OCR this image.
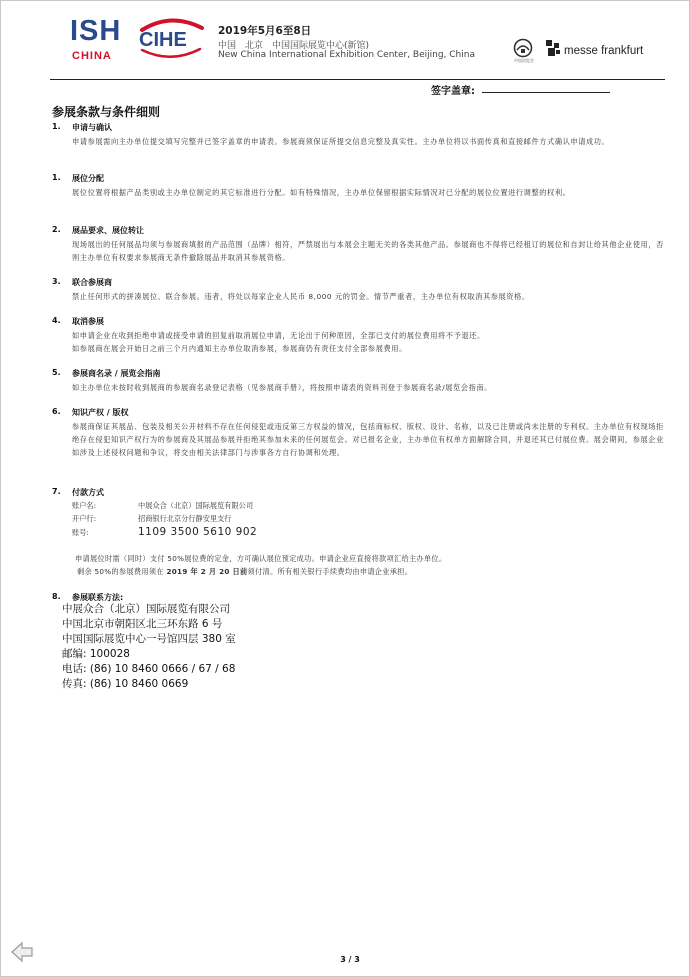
ISH
CHINA
CIHE	2019年5月6至8日
中国　北京　中国国际展览中心(新馆)
New China International Exhibition Center, Beijing, China
中国贸促会
messe frankfurt
签字盖章:
参展条款与条件细则
1. 申请与确认

申请参展需向主办单位提交填写完整并已签字盖章的申请表。参展商须保证所提交信息完整及真实性。主办单位将以书面传真和直接邮件方式确认申请成功。

1. 展位分配

展位位置将根据产品类别或主办单位制定的其它标准进行分配。如有特殊情况，主办单位保留根据实际情况对已分配的展位位置进行调整的权利。

2. 展品要求、展位转让

现场展出的任何展品均须与参展商填报的产品范围（品牌）相符，严禁展出与本展会主题无关的各类其他产品。参展商也不得将已经租订的展位和自封让给其他企业使用，否则主办单位有权要求参展商无条件撤除展品并取消其参展资格。

3. 联合参展商

禁止任何形式的拼凑展位、联合参展。违者，将处以每家企业人民币 8,000 元的罚金。情节严重者，主办单位有权取消其参展资格。

4. 取消参展

如申请企业在收到拒绝申请或接受申请的回复前取消展位申请，无论出于何种原因，全部已支付的展位费用将不予退还。

如参展商在展会开始日之前三个月内通知主办单位取消参展，参展商仍有责任支付全部参展费用。

5. 参展商名录 / 展览会指南

如主办单位未按时收到展商的参展商名录登记表格（见参展商手册），将按照申请表的资料刊登于参展商名录/展览会指南。

6. 知识产权 / 版权

参展商保证其展品、包装及相关公开材料不存在任何侵犯或违反第三方权益的情况，包括商标权、版权、设计、名称，以及已注册或尚未注册的专利权。主办单位有权现场拒绝存在侵犯知识产权行为的参展商及其展品参展并拒绝其参加未来的任何展览会。对已报名企业，主办单位有权单方面解除合同，并退还其已付展位费。展会期间，参展企业如涉及上述侵权问题和争议，将交由相关法律部门与涉事各方自行协调和处理。

7. 付款方式
账户名:	中展众合（北京）国际展览有限公司
开户行:	招商银行北京分行静安里支行
账号:	1109 3500 5610 902
申请展位时需（同时）支付 50%展位费的定金，方可确认展位预定成功。申请企业应直接将款项汇给主办单位。
剩余 50%的参展费用须在 2019 年 2 月 20 日前须付清。所有相关银行手续费均由申请企业承担。
8. 参展联系方法:
中展众合（北京）国际展览有限公司
中国北京市朝阳区北三环东路 6 号
中国国际展览中心一号馆四层 380 室
邮编: 100028
电话: (86) 10 8460 0666 / 67 / 68
传真: (86) 10 8460 0669
3 / 3
